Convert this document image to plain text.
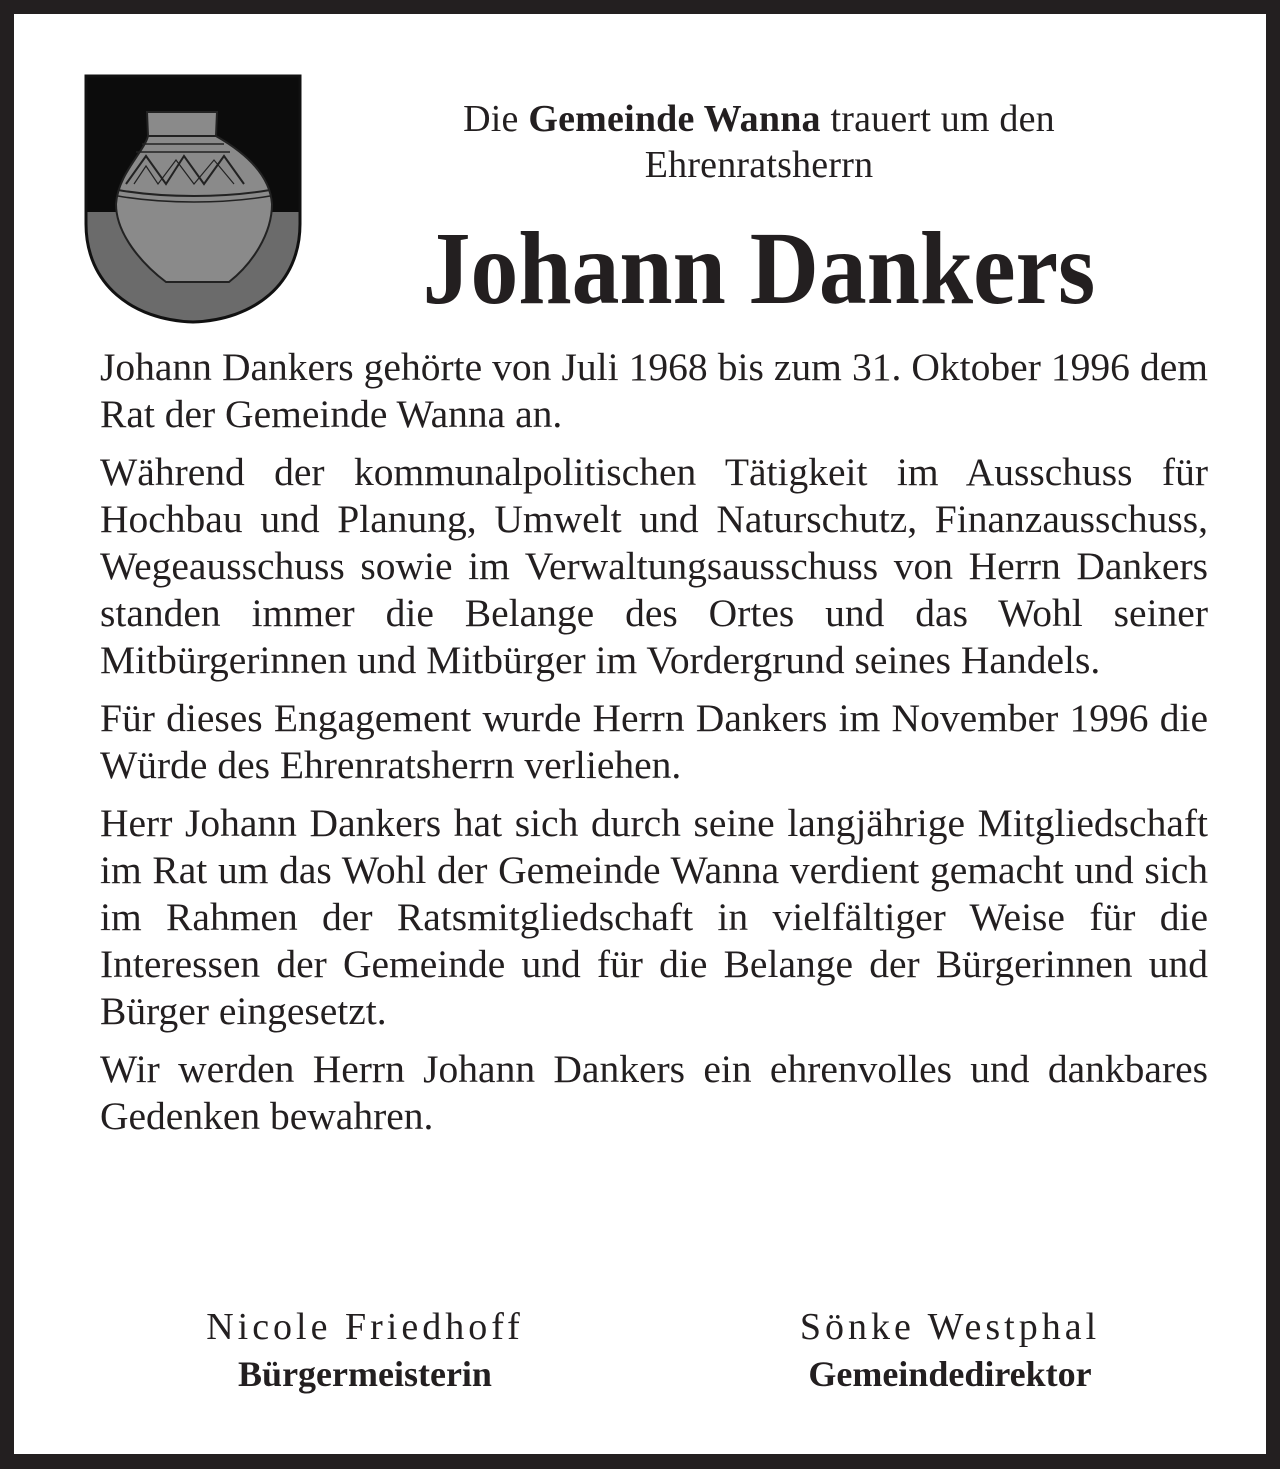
Die Gemeinde Wanna trauert um den
Ehrenratsherrn
Johann Dankers

Johann Dankers gehörte von Juli 1968 bis zum 31. Oktober 1996 dem Rat der Gemeinde Wanna an.

Während der kommunalpolitischen Tätigkeit im Ausschuss für Hochbau und Planung, Umwelt und Naturschutz, Finanzausschuss, Wegeausschuss sowie im Verwaltungsausschuss von Herrn Dankers standen immer die Belange des Ortes und das Wohl seiner Mitbürgerinnen und Mitbürger im Vordergrund seines Handels.

Für dieses Engagement wurde Herrn Dankers im November 1996 die Würde des Ehrenratsherrn verliehen.

Herr Johann Dankers hat sich durch seine langjährige Mitgliedschaft im Rat um das Wohl der Gemeinde Wanna verdient gemacht und sich im Rahmen der Ratsmitgliedschaft in vielfältiger Weise für die Interessen der Gemeinde und für die Belange der Bürgerinnen und Bürger eingesetzt.

Wir werden Herrn Johann Dankers ein ehrenvolles und dankbares Gedenken bewahren.

Nicole Friedhoff
Bürgermeisterin
Sönke Westphal
Gemeindedirektor
